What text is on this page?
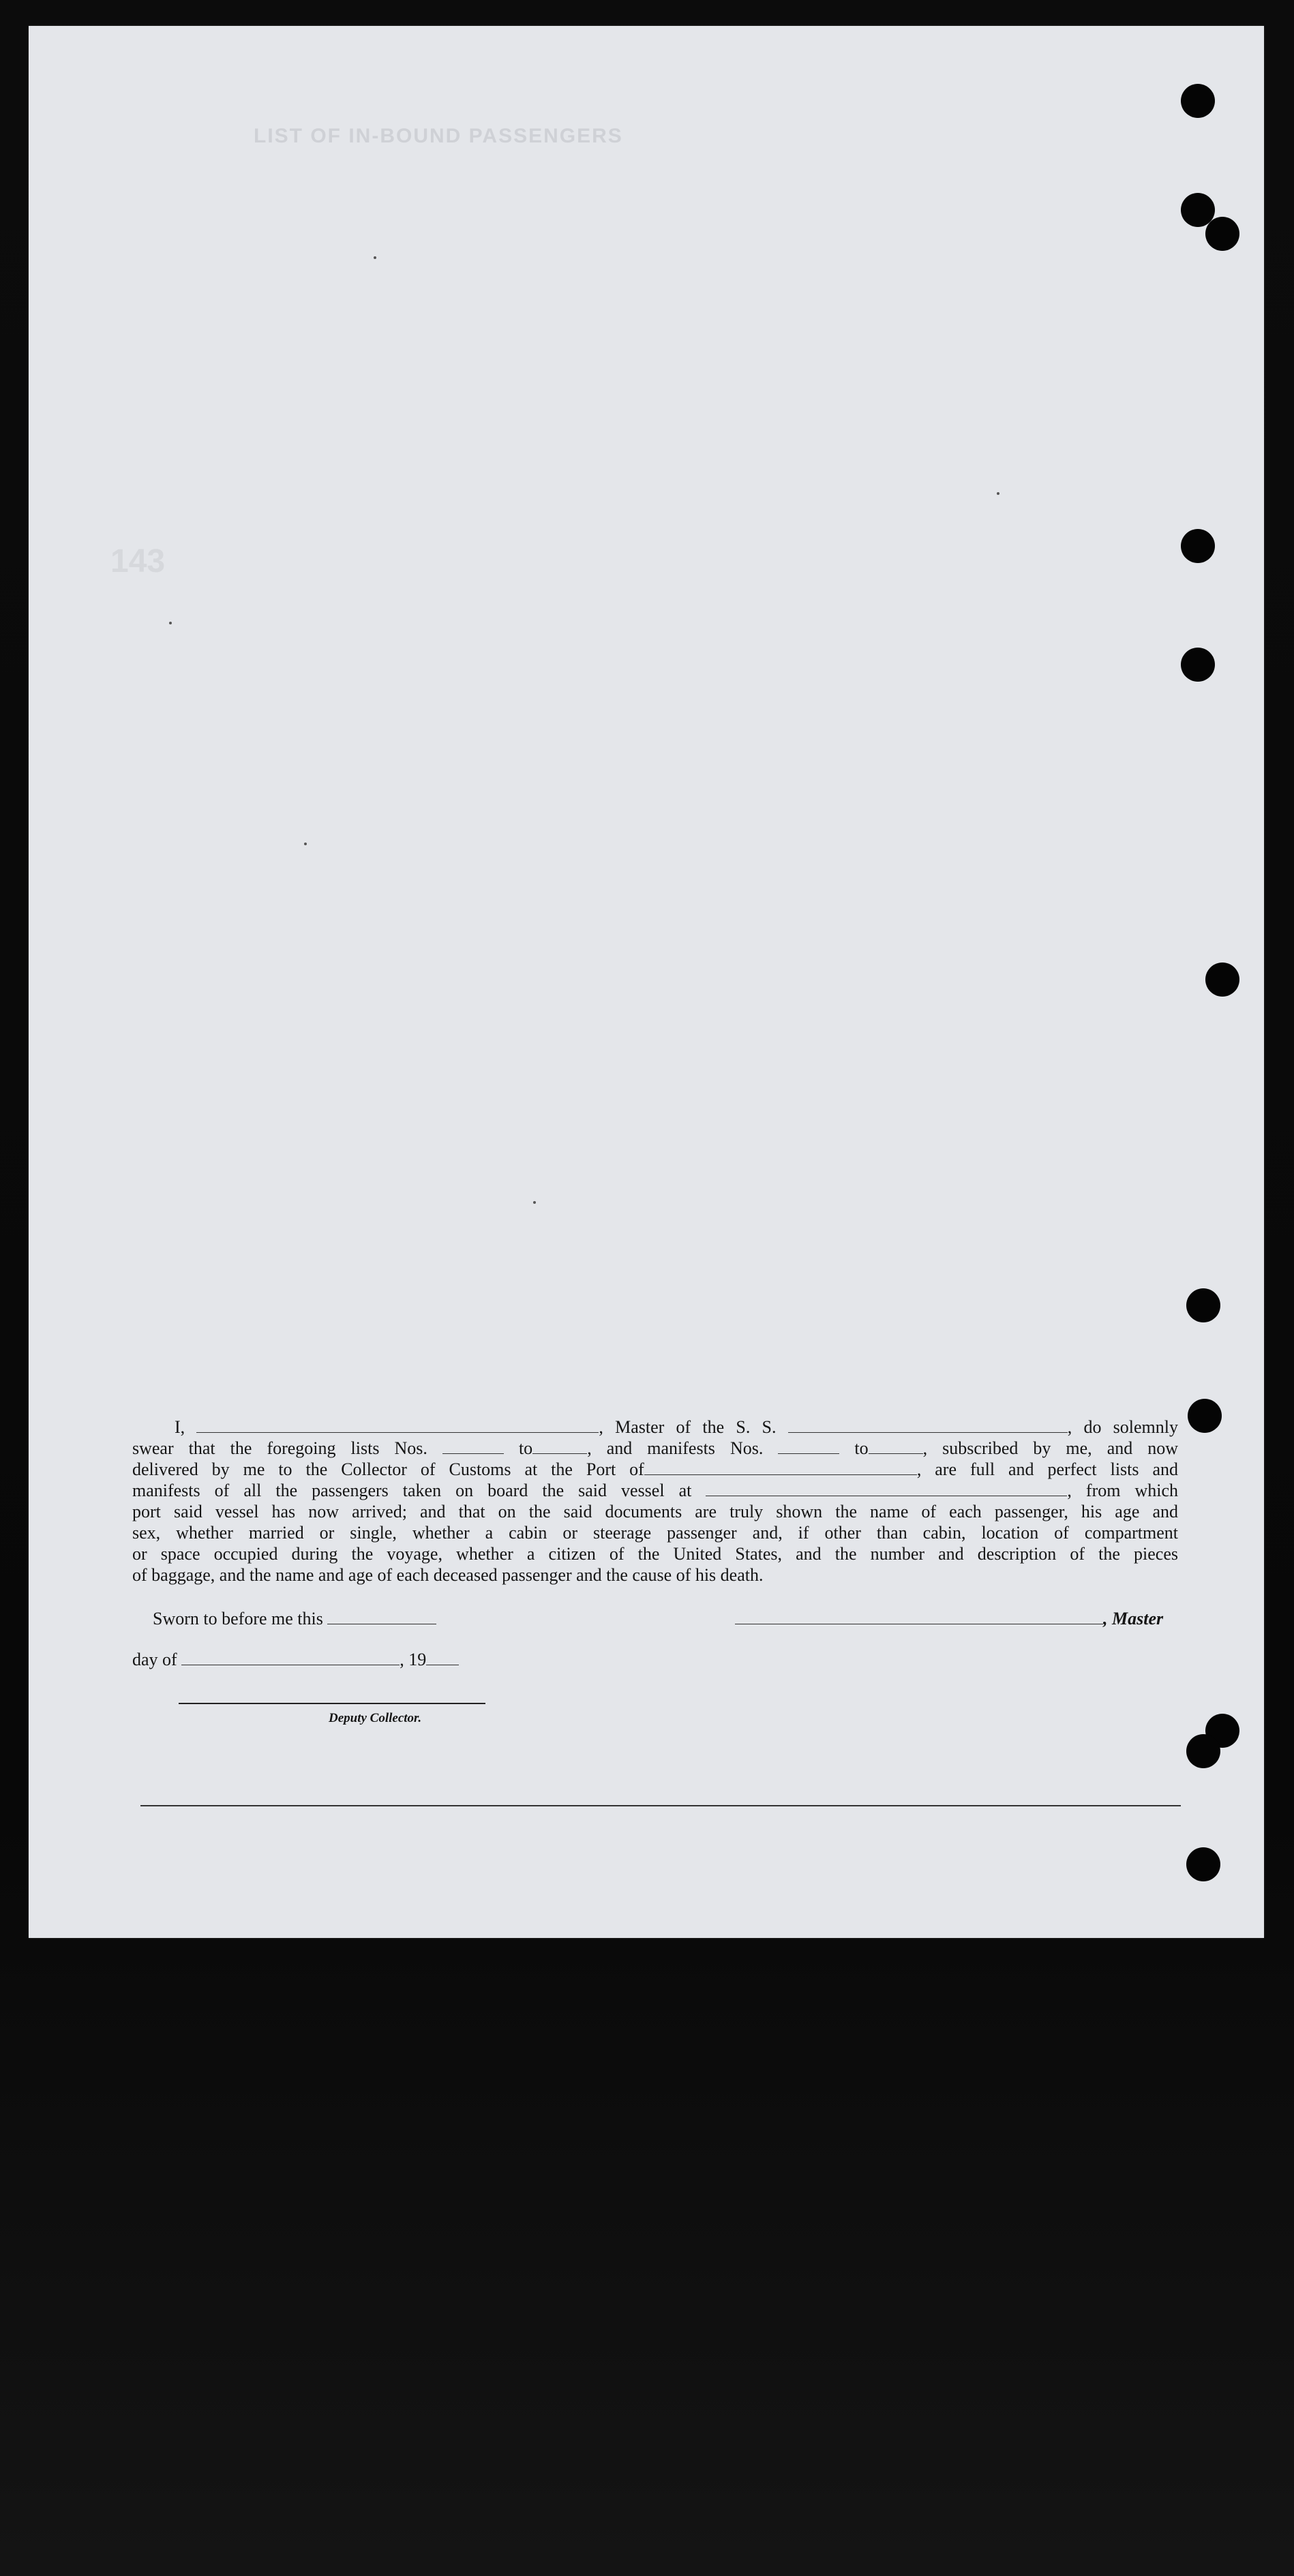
LIST OF IN-BOUND PASSENGERS
143
I,	, Master of the S. S.	, do solemnly
swear that the foregoing lists Nos.	to	, and manifests Nos.	to	, subscribed by me, and now
delivered by me to the Collector of Customs at the Port of	, are full and perfect lists and
manifests of all the passengers taken on board the said vessel at	, from which
port said vessel has now arrived; and that on the said documents are truly shown the name of each passenger, his age and
sex, whether married or single, whether a cabin or steerage passenger and, if other than cabin, location of compartment
or space occupied during the voyage, whether a citizen of the United States, and the number and description of the pieces
of baggage, and the name and age of each deceased passenger and the cause of his death.
Sworn to before me this	, Master
day of	, 19
Deputy Collector.
